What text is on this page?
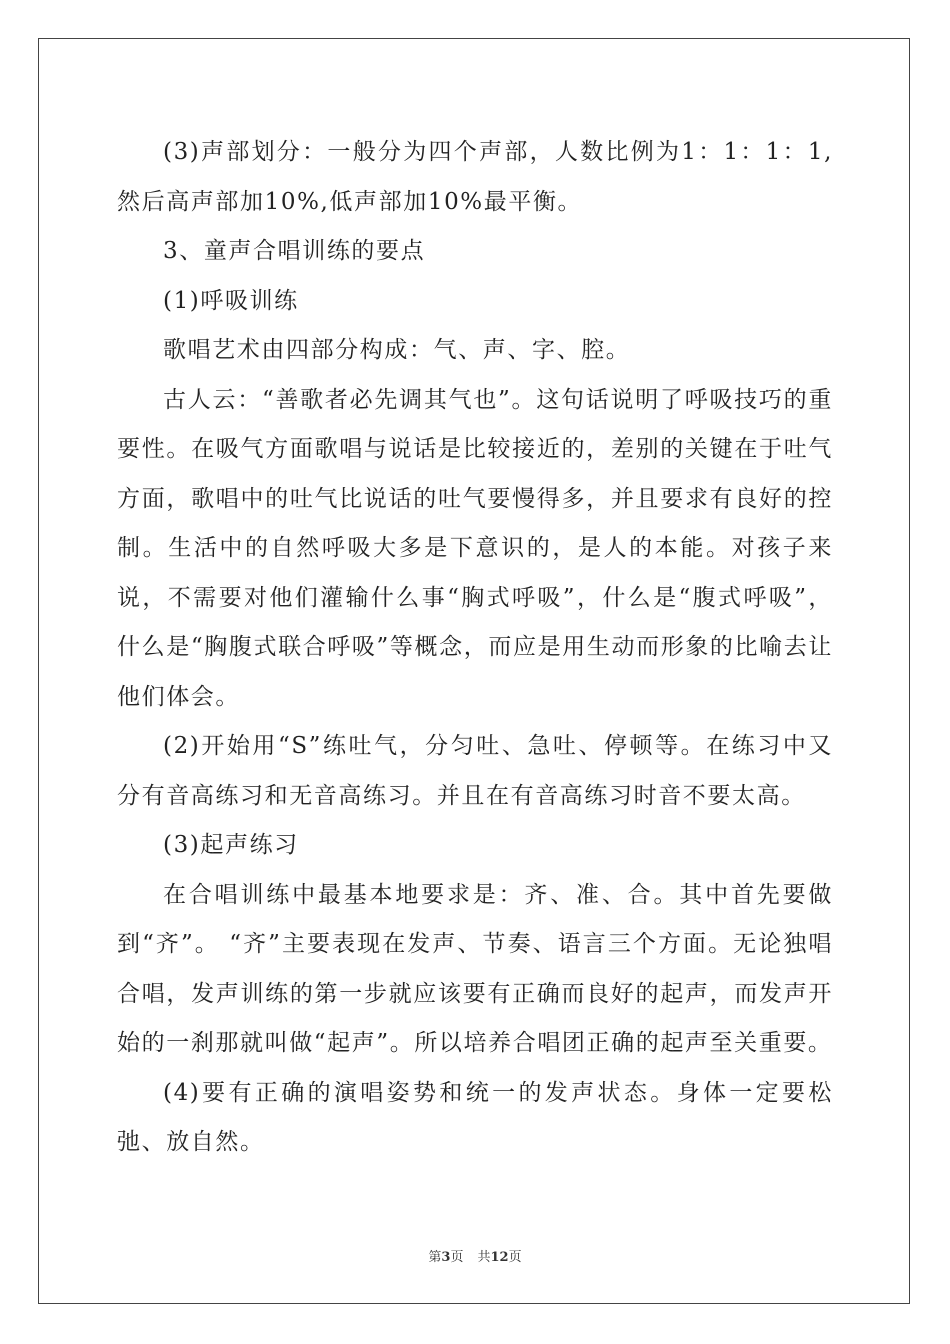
(3)声部划分：一般分为四个声部，人数比例为1：1：1：1,然后高声部加10%,低声部加10%最平衡。

3、童声合唱训练的要点

(1)呼吸训练

歌唱艺术由四部分构成：气、声、字、腔。

古人云：“善歌者必先调其气也”。这句话说明了呼吸技巧的重要性。在吸气方面歌唱与说话是比较接近的，差别的关键在于吐气方面，歌唱中的吐气比说话的吐气要慢得多，并且要求有良好的控制。生活中的自然呼吸大多是下意识的，是人的本能。对孩子来说，不需要对他们灌输什么事“胸式呼吸”，什么是“腹式呼吸”，什么是“胸腹式联合呼吸”等概念，而应是用生动而形象的比喻去让他们体会。

(2)开始用“S”练吐气，分匀吐、急吐、停顿等。在练习中又分有音高练习和无音高练习。并且在有音高练习时音不要太高。

(3)起声练习

在合唱训练中最基本地要求是：齐、准、合。其中首先要做到“齐”。 “齐”主要表现在发声、节奏、语言三个方面。无论独唱合唱，发声训练的第一步就应该要有正确而良好的起声，而发声开始的一刹那就叫做“起声”。所以培养合唱团正确的起声至关重要。

(4)要有正确的演唱姿势和统一的发声状态。身体一定要松弛、放自然。

第3页 共12页
